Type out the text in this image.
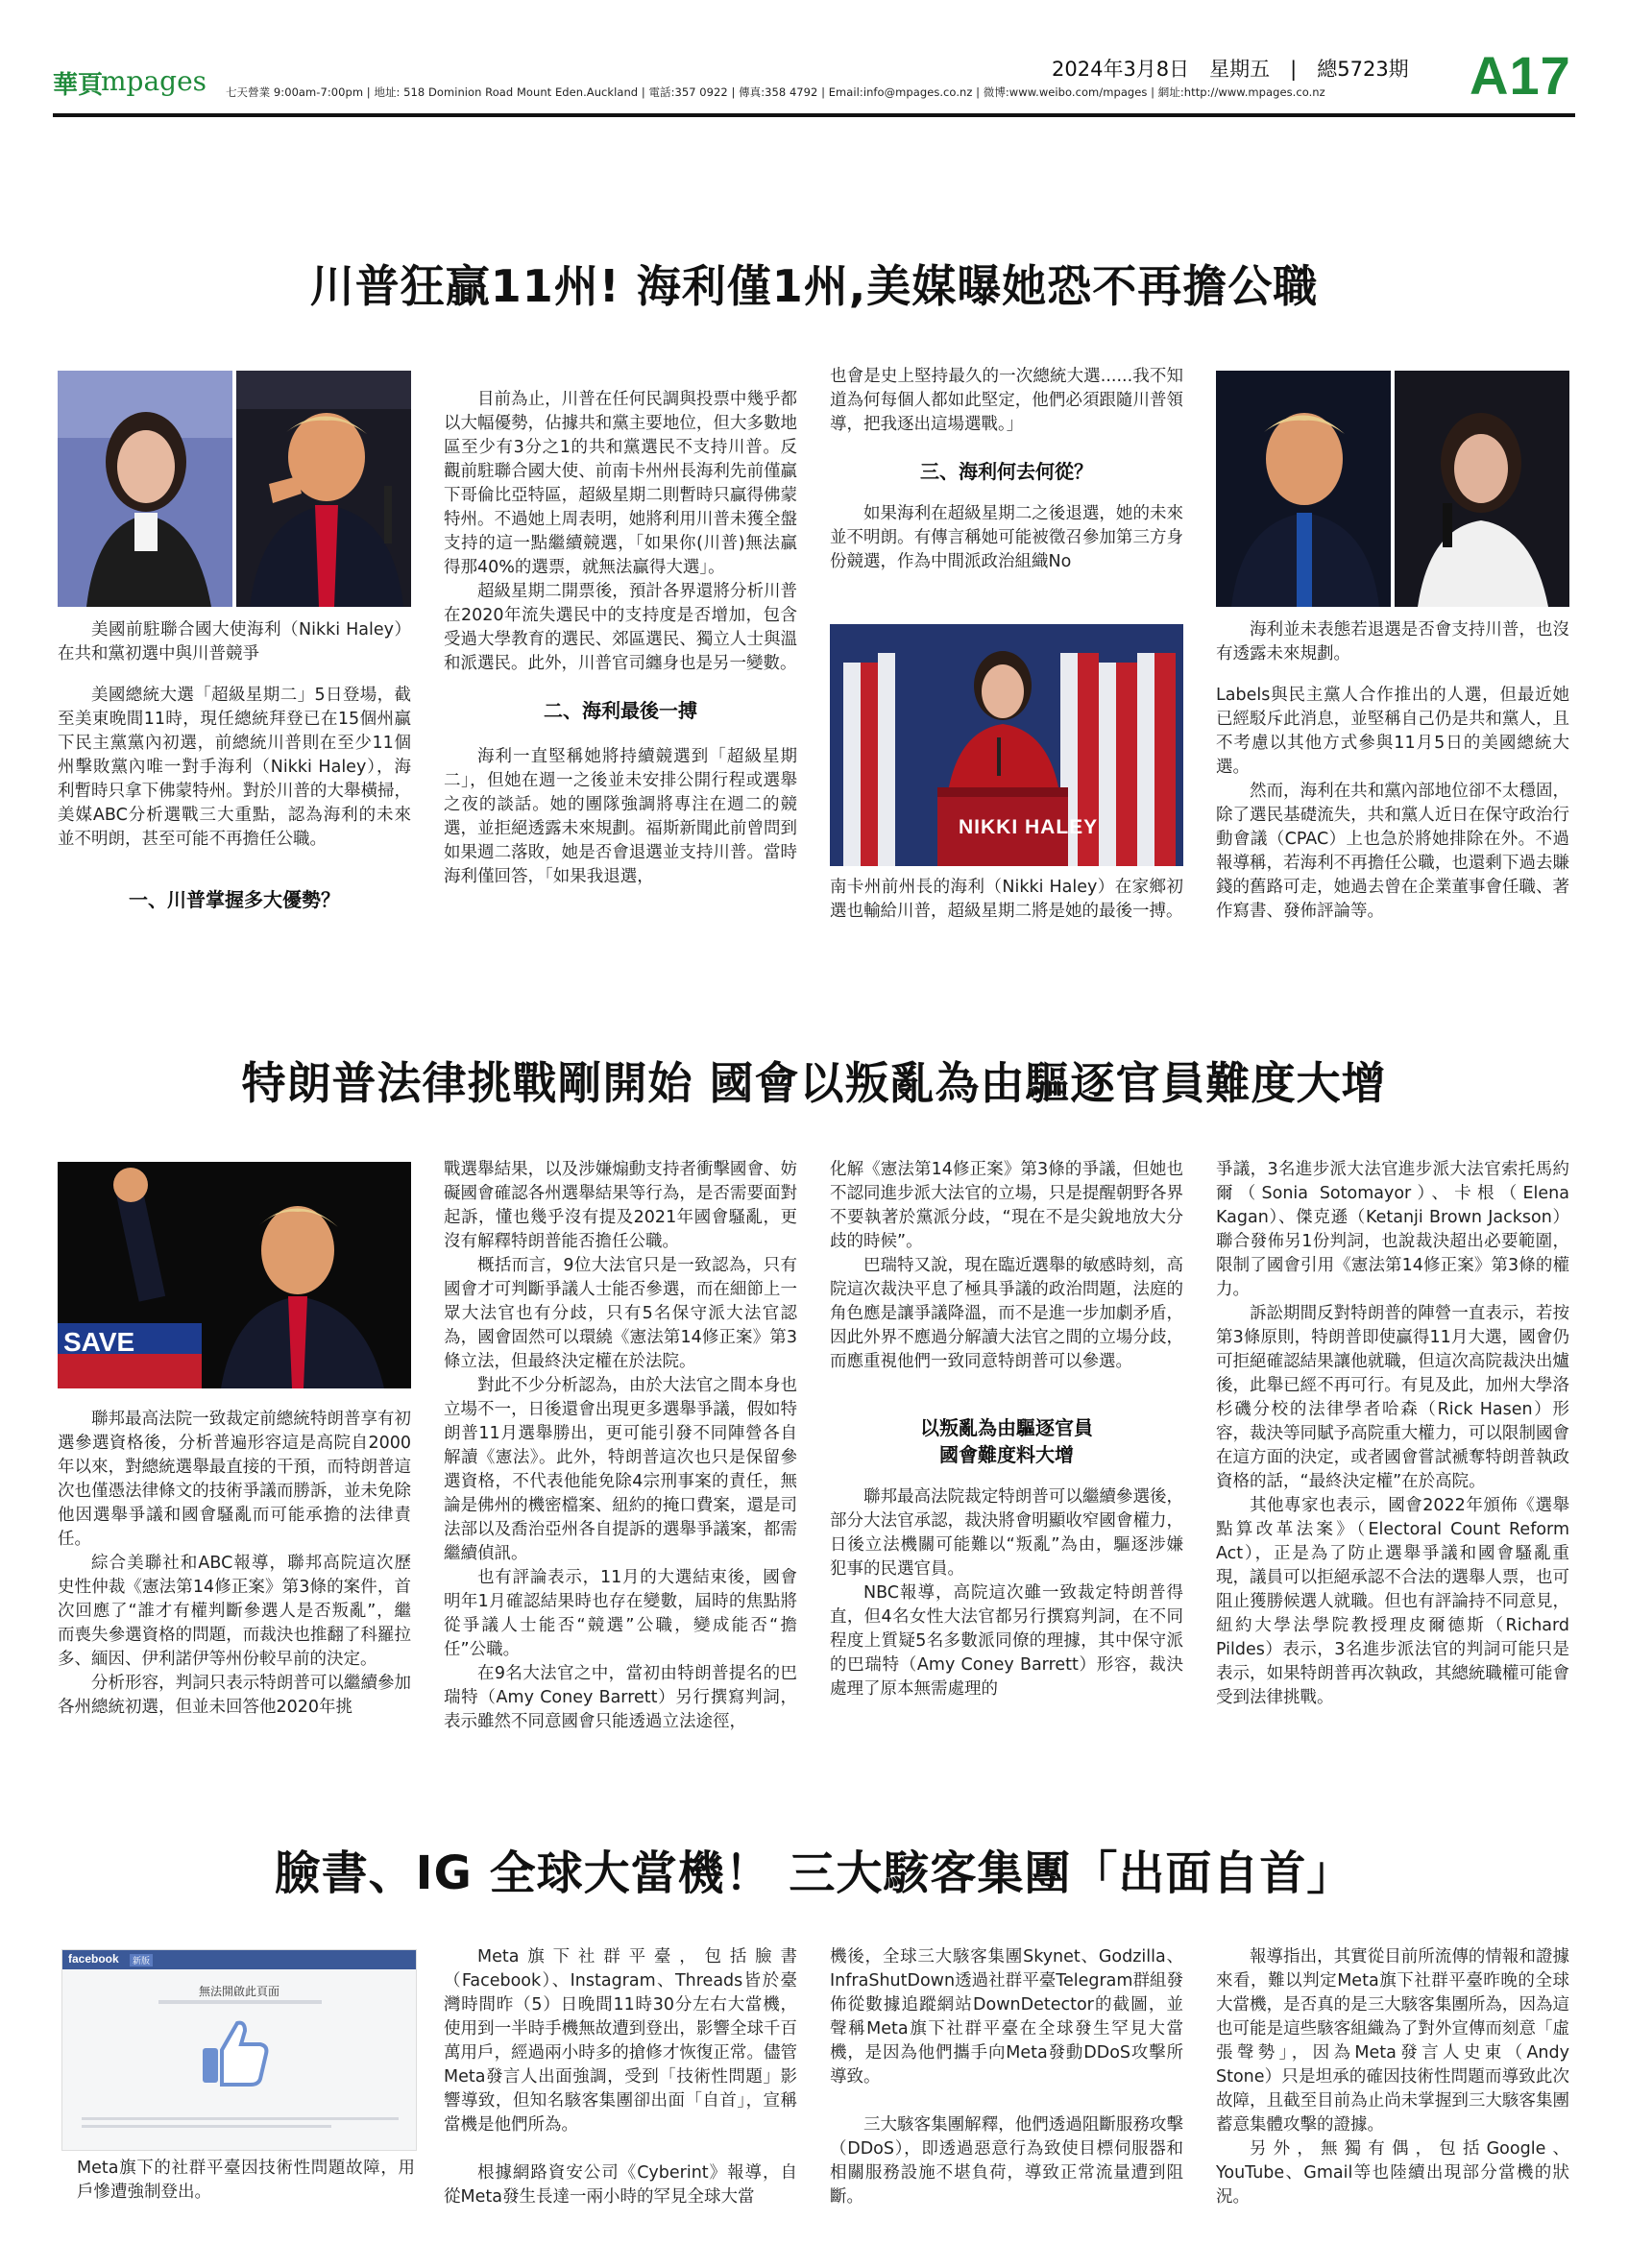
華頁
mpages 七天營業 9:00am-7:00pm | 地址: 518 Dominion Road Mount Eden.Auckland | 電話:357 0922 | 傳真:358 4792 | Email:info@mpages.co.nz | 微博:www.weibo.com/mpages | 網址:http://www.mpages.co.nz
2024年3月8日　星期五　|　總5723期 A17
川普狂贏11州! 海利僅1州,美媒曝她恐不再擔公職
美國前駐聯合國大使海利（Nikki Haley）在共和黨初選中與川普競爭

美國總統大選「超級星期二」5日登場，截至美東晚間11時，現任總統拜登已在15個州贏下民主黨黨內初選，前總統川普則在至少11個州擊敗黨內唯一對手海利（Nikki Haley），海利暫時只拿下佛蒙特州。對於川普的大舉橫掃，美媒ABC分析選戰三大重點，認為海利的未來並不明朗，甚至可能不再擔任公職。

一、川普掌握多大優勢？

目前為止，川普在任何民調與投票中幾乎都以大幅優勢，佔據共和黨主要地位，但大多數地區至少有3分之1的共和黨選民不支持川普。反觀前駐聯合國大使、前南卡州州長海利先前僅贏下哥倫比亞特區，超級星期二則暫時只贏得佛蒙特州。不過她上周表明，她將利用川普未獲全盤支持的這一點繼續競選，「如果你(川普)無法贏得那40%的選票，就無法贏得大選」。

超級星期二開票後，預計各界還將分析川普在2020年流失選民中的支持度是否增加，包含受過大學教育的選民、郊區選民、獨立人士與溫和派選民。此外，川普官司纏身也是另一變數。

二、海利最後一搏

海利一直堅稱她將持續競選到「超級星期二」，但她在週一之後並未安排公開行程或選舉之夜的談話。她的團隊強調將專注在週二的競選，並拒絕透露未來規劃。福斯新聞此前曾問到如果週二落敗，她是否會退選並支持川普。當時海利僅回答，「如果我退選，

也會是史上堅持最久的一次總統大選......我不知道為何每個人都如此堅定，他們必須跟隨川普領導，把我逐出這場選戰。」

三、海利何去何從？

如果海利在超級星期二之後退選，她的未來並不明朗。有傳言稱她可能被徵召參加第三方身份競選，作為中間派政治組織No

NIKKI HALEY
南卡州前州長的海利（Nikki Haley）在家鄉初選也輸給川普，超級星期二將是她的最後一搏。
海利並未表態若退選是否會支持川普，也沒有透露未來規劃。

Labels與民主黨人合作推出的人選，但最近她已經駁斥此消息，並堅稱自己仍是共和黨人，且不考慮以其他方式參與11月5日的美國總統大選。

然而，海利在共和黨內部地位卻不太穩固，除了選民基礎流失，共和黨人近日在保守政治行動會議（CPAC）上也急於將她排除在外。不過報導稱，若海利不再擔任公職，也還剩下過去賺錢的舊路可走，她過去曾在企業董事會任職、著作寫書、發佈評論等。

特朗普法律挑戰剛開始 國會以叛亂為由驅逐官員難度大增
SAVE

聯邦最高法院一致裁定前總統特朗普享有初選參選資格後，分析普遍形容這是高院自2000年以來，對總統選舉最直接的干預，而特朗普這次也僅憑法律條文的技術爭議而勝訴，並未免除他因選舉爭議和國會騷亂而可能承擔的法律責任。

綜合美聯社和ABC報導，聯邦高院這次歷史性仲裁《憲法第14修正案》第3條的案件，首次回應了“誰才有權判斷參選人是否叛亂”，繼而喪失參選資格的問題，而裁決也推翻了科羅拉多、緬因、伊利諾伊等州份較早前的決定。

分析形容，判詞只表示特朗普可以繼續參加各州總統初選，但並未回答他2020年挑

戰選舉結果，以及涉嫌煽動支持者衝擊國會、妨礙國會確認各州選舉結果等行為，是否需要面對起訴，懂也幾乎沒有提及2021年國會騷亂，更沒有解釋特朗普能否擔任公職。

概括而言，9位大法官只是一致認為，只有國會才可判斷爭議人士能否參選，而在細節上一眾大法官也有分歧，只有5名保守派大法官認為，國會固然可以環繞《憲法第14修正案》第3條立法，但最終決定權在於法院。

對此不少分析認為，由於大法官之間本身也立場不一，日後還會出現更多選舉爭議，假如特朗普11月選舉勝出，更可能引發不同陣營各自解讀《憲法》。此外，特朗普這次也只是保留參選資格，不代表他能免除4宗刑事案的責任，無論是佛州的機密檔案、紐約的掩口費案，還是司法部以及喬治亞州各自提訴的選舉爭議案，都需繼續偵訊。

也有評論表示，11月的大選結束後，國會明年1月確認結果時也存在變數，屆時的焦點將從爭議人士能否“競選”公職，變成能否“擔任”公職。

在9名大法官之中，當初由特朗普提名的巴瑞特（Amy Coney Barrett）另行撰寫判詞，表示雖然不同意國會只能透過立法途徑，

化解《憲法第14修正案》第3條的爭議，但她也不認同進步派大法官的立場，只是提醒朝野各界不要執著於黨派分歧，“現在不是尖銳地放大分歧的時候”。

巴瑞特又說，現在臨近選舉的敏感時刻，高院這次裁決平息了極具爭議的政治問題，法庭的角色應是讓爭議降溫，而不是進一步加劇矛盾，因此外界不應過分解讀大法官之間的立場分歧，而應重視他們一致同意特朗普可以參選。

以叛亂為由驅逐官員
國會難度料大增

聯邦最高法院裁定特朗普可以繼續參選後，部分大法官承認，裁決將會明顯收窄國會權力，日後立法機關可能難以“叛亂”為由，驅逐涉嫌犯事的民選官員。

NBC報導，高院這次雖一致裁定特朗普得直，但4名女性大法官都另行撰寫判詞，在不同程度上質疑5名多數派同僚的理據，其中保守派的巴瑞特（Amy Coney Barrett）形容，裁決處理了原本無需處理的

爭議，3名進步派大法官進步派大法官索托馬約爾（Sonia Sotomayor）、卡根（Elena Kagan）、傑克遜（Ketanji Brown Jackson）聯合發佈另1份判詞，也說裁決超出必要範圍，限制了國會引用《憲法第14修正案》第3條的權力。

訴訟期間反對特朗普的陣營一直表示，若按第3條原則，特朗普即使贏得11月大選，國會仍可拒絕確認結果讓他就職，但這次高院裁決出爐後，此舉已經不再可行。有見及此，加州大學洛杉磯分校的法律學者哈森（Rick Hasen）形容，裁決等同賦予高院重大權力，可以限制國會在這方面的決定，或者國會嘗試褫奪特朗普執政資格的話，“最終決定權”在於高院。

其他專家也表示，國會2022年頒佈《選舉點算改革法案》（Electoral Count Reform Act），正是為了防止選舉爭議和國會騷亂重現，議員可以拒絕承認不合法的選舉人票，也可阻止獲勝候選人就職。但也有評論持不同意見，紐約大學法學院教授理皮爾德斯（Richard Pildes）表示，3名進步派法官的判詞可能只是表示，如果特朗普再次執政，其總統職權可能會受到法律挑戰。

臉書、IG 全球大當機！ 三大駭客集團「出面自首」
facebook	新版
無法開啟此頁面
Meta旗下的社群平臺因技術性問題故障，用戶慘遭強制登出。

Meta旗下社群平臺，包括臉書（Facebook）、Instagram、Threads皆於臺灣時間昨（5）日晚間11時30分左右大當機，使用到一半時手機無故遭到登出，影響全球千百萬用戶，經過兩小時多的搶修才恢復正常。儘管Meta發言人出面強調，受到「技術性問題」影響導致，但知名駭客集團卻出面「自首」，宣稱當機是他們所為。

根據網路資安公司《Cyberint》報導，自從Meta發生長達一兩小時的罕見全球大當

機後，全球三大駭客集團Skynet、Godzilla、InfraShutDown透過社群平臺Telegram群組發佈從數據追蹤網站DownDetector的截圖，並聲稱Meta旗下社群平臺在全球發生罕見大當機，是因為他們攜手向Meta發動DDoS攻擊所導致。

三大駭客集團解釋，他們透過阻斷服務攻擊（DDoS），即透過惡意行為致使目標伺服器和相關服務設施不堪負荷，導致正常流量遭到阻斷。

報導指出，其實從目前所流傳的情報和證據來看，難以判定Meta旗下社群平臺昨晚的全球大當機，是否真的是三大駭客集團所為，因為這也可能是這些駭客組織為了對外宣傳而刻意「虛張聲勢」，因為Meta發言人史東（Andy Stone）只是坦承的確因技術性問題而導致此次故障，且截至目前為止尚未掌握到三大駭客集團蓄意集體攻擊的證據。

另外，無獨有偶，包括Google、YouTube、Gmail等也陸續出現部分當機的狀況。
